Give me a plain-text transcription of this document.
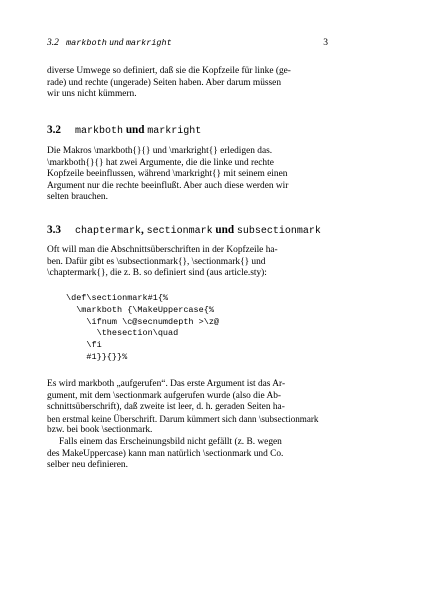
3.2 markboth und markright	3

diverse Umwege so definiert, daß sie die Kopfzeile für linke (ge-

rade) und rechte (ungerade) Seiten haben. Aber darum müssen

wir uns nicht kümmern.

3.2 markboth und markright

Die Makros \markboth{}{} und \markright{} erledigen das.

\markboth{}{} hat zwei Argumente, die die linke und rechte

Kopfzeile beeinflussen, während \markright{} mit seinem einen

Argument nur die rechte beeinflußt. Aber auch diese werden wir

selten brauchen.

3.3 chaptermark, sectionmark und subsectionmark

Oft will man die Abschnittsüberschriften in der Kopfzeile ha-

ben. Dafür gibt es \subsectionmark{}, \sectionmark{} und

\chaptermark{}, die z. B. so definiert sind (aus article.sty):

\def\sectionmark#1{%

\markboth {\MakeUppercase{%

\ifnum \c@secnumdepth >\z@

\thesection\quad

\fi

#1}}{}}%

Es wird markboth „aufgerufen“. Das erste Argument ist das Ar-

gument, mit dem \sectionmark aufgerufen wurde (also die Ab-

schnittsüberschrift), daß zweite ist leer, d. h. geraden Seiten ha-

ben erstmal keine Überschrift. Darum kümmert sich dann \subsectionmark

bzw. bei book \sectionmark.

Falls einem das Erscheinungsbild nicht gefällt (z. B. wegen

des MakeUppercase) kann man natürlich \sectionmark und Co.

selber neu definieren.
